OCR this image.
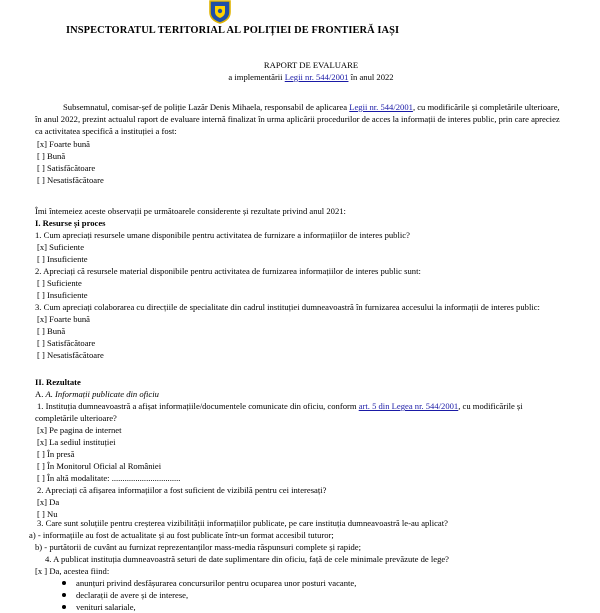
INSPECTORATUL TERITORIAL AL POLIȚIEI DE FRONTIERĂ IAȘI
RAPORT DE EVALUARE
a implementării Legii nr. 544/2001 în anul 2022
Subsemnatul, comisar-șef de poliție Lazăr Denis Mihaela, responsabil de aplicarea Legii nr. 544/2001, cu modificările și completările ulterioare, în anul 2022, prezint actualul raport de evaluare internă finalizat în urma aplicării procedurilor de acces la informații de interes public, prin care apreciez ca activitatea specifică a instituției a fost:
[x] Foarte bună
[ ] Bună
[ ] Satisfăcătoare
[ ] Nesatisfăcătoare
Îmi întemeiez aceste observații pe următoarele considerente și rezultate privind anul 2021:
I. Resurse și proces
1. Cum apreciați resursele umane disponibile pentru activitatea de furnizare a informațiilor de interes public?
[x] Suficiente
[ ] Insuficiente
2. Apreciați că resursele material disponibile pentru activitatea de furnizarea informațiilor de interes public sunt:
[ ] Suficiente
[ ] Insuficiente
3. Cum apreciați colaborarea cu direcțiile de specialitate din cadrul instituției dumneavoastră în furnizarea accesului la informații de interes public:
[x] Foarte bună
[ ] Bună
[ ] Satisfăcătoare
[ ] Nesatisfăcătoare
II. Rezultate
A. A. Informații publicate din oficiu
1. Instituția dumneavoastră a afișat informațiile/documentele comunicate din oficiu, conform art. 5 din Legea nr. 544/2001, cu modificările și
completările ulterioare?
[x] Pe pagina de internet
[x] La sediul instituției
[ ] În presă
[ ] În Monitorul Oficial al României
[ ] În altă modalitate: ................................
2. Apreciați că afișarea informațiilor a fost suficient de vizibilă pentru cei interesați?
[x] Da
[ ] Nu
3. Care sunt soluțiile pentru creșterea vizibilității informațiilor publicate, pe care instituția dumneavoastră le-au aplicat?
a) - informațiile au fost de actualitate și au fost publicate într-un format accesibil tuturor;
b) - purtătorii de cuvânt au furnizat reprezentanților mass-media răspunsuri complete și rapide;
4. A publicat instituția dumneavoastră seturi de date suplimentare din oficiu, față de cele minimale prevăzute de lege?
[x ] Da, acestea fiind:
anunțuri privind desfășurarea concursurilor pentru ocuparea unor posturi vacante,
declarații de avere și de interese,
venituri salariale,
